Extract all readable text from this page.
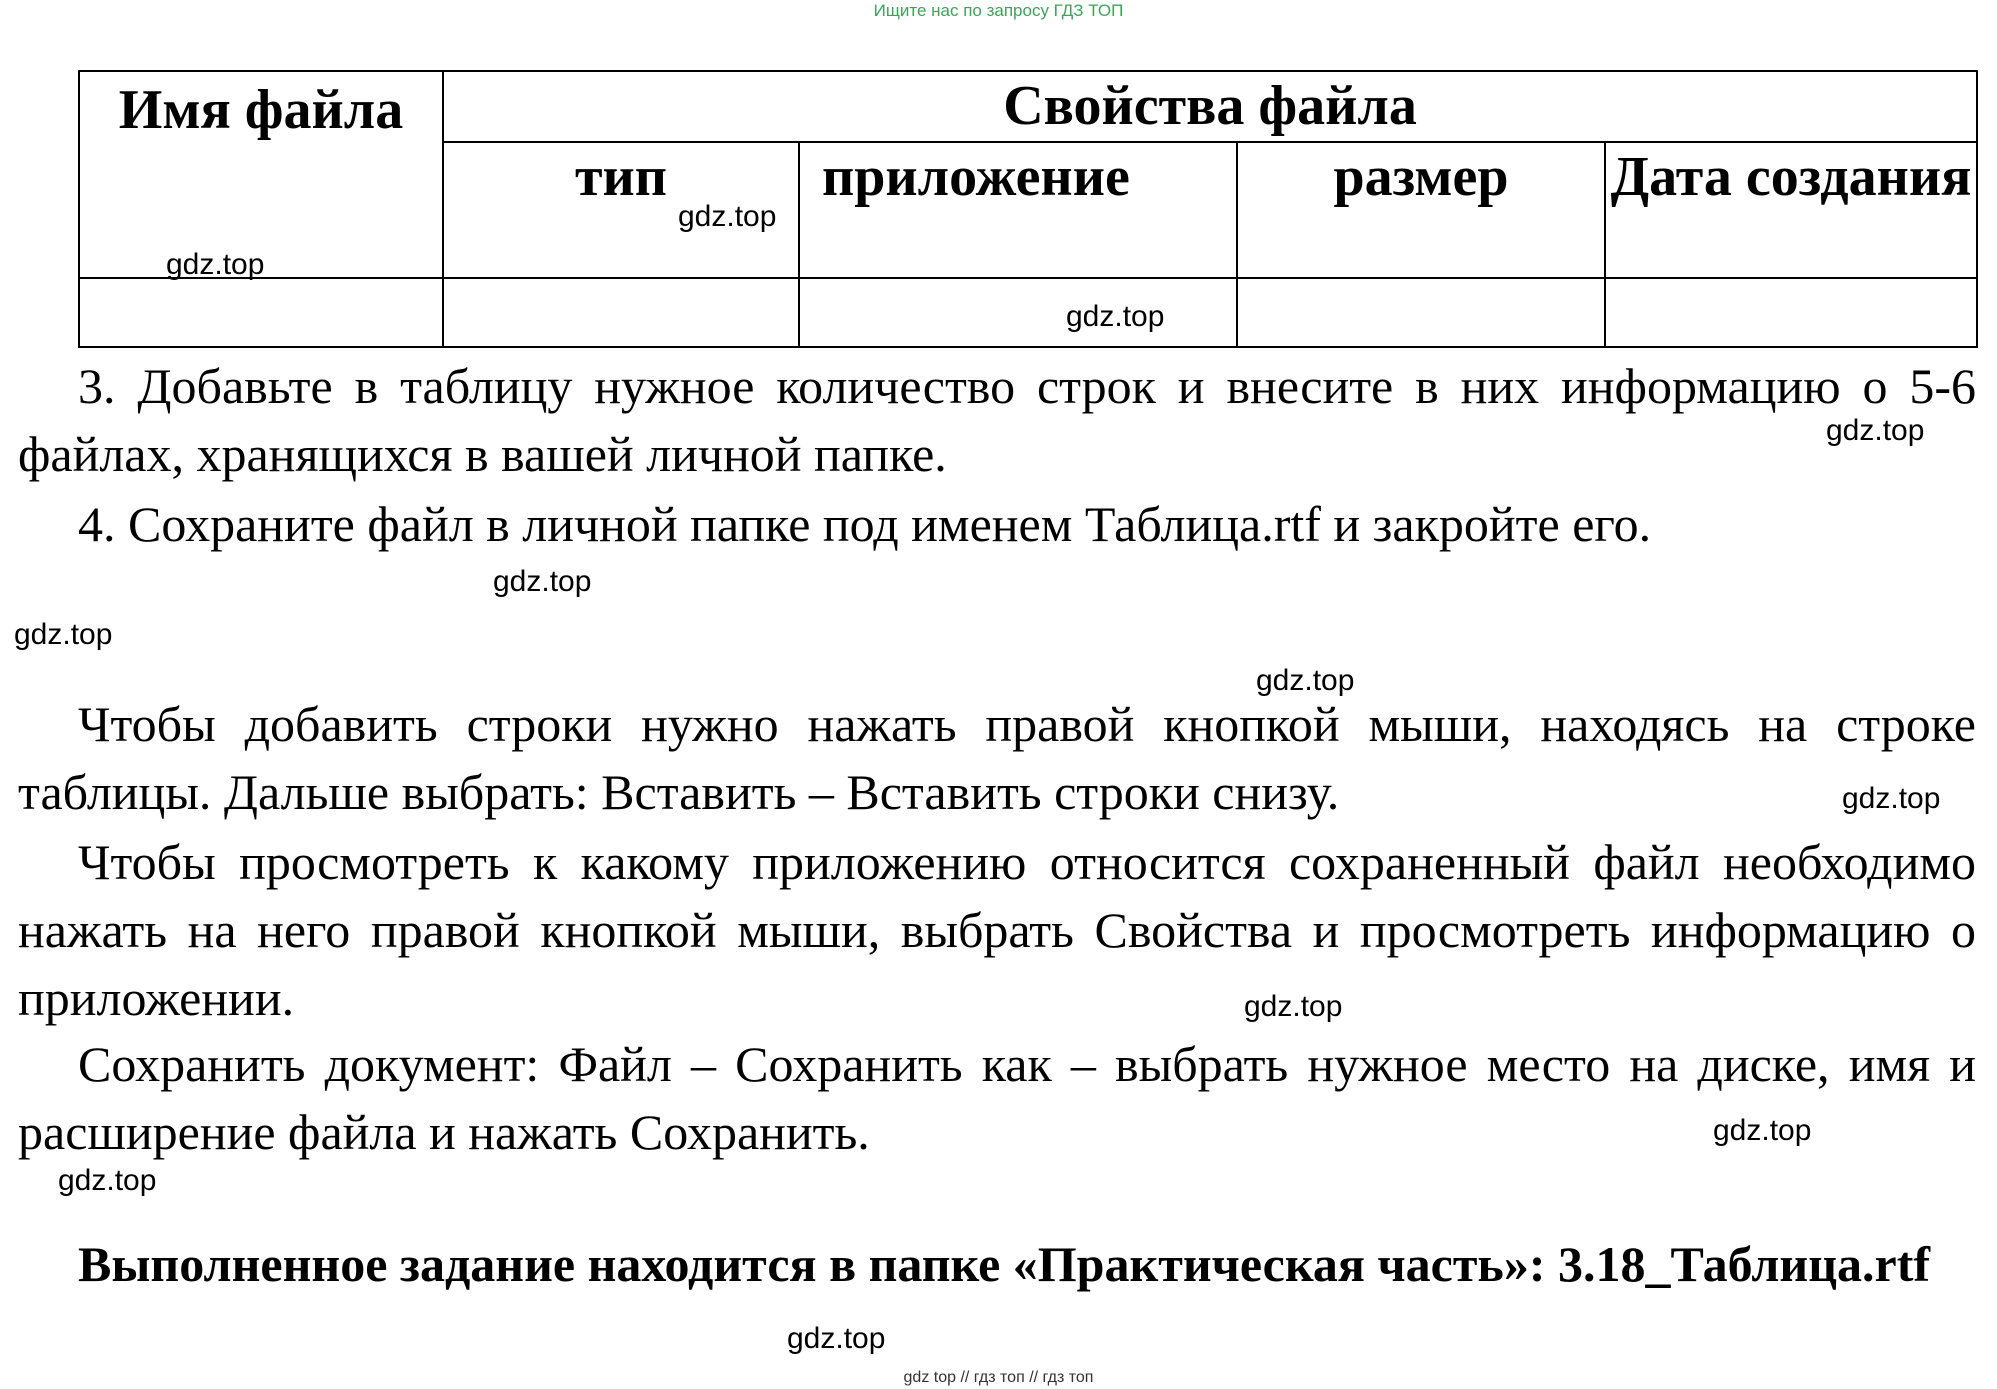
Ищите нас по запросу ГДЗ ТОП
Имя файла	Свойства файла			

	тип	приложение	размер	Дата создания

3. Добавьте в таблицу нужное количество строк и внесите в них информацию о 5-6 файлах, хранящихся в вашей личной папке.

4. Сохраните файл в личной папке под именем Таблица.rtf и закройте его.

Чтобы добавить строки нужно нажать правой кнопкой мыши, находясь на строке таблицы. Дальше выбрать: Вставить – Вставить строки снизу.

Чтобы просмотреть к какому приложению относится сохраненный файл необходимо нажать на него правой кнопкой мыши, выбрать Свойства и просмотреть информацию о приложении.

Сохранить документ: Файл – Сохранить как – выбрать нужное место на диске, имя и расширение файла и нажать Сохранить.

Выполненное задание находится в папке «Практическая часть»: 3.18_Таблица.rtf

gdz.top
gdz.top
gdz.top
gdz.top
gdz.top
gdz.top
gdz.top
gdz.top
gdz.top
gdz.top
gdz.top
gdz.top
gdz top // гдз топ // гдз топ
